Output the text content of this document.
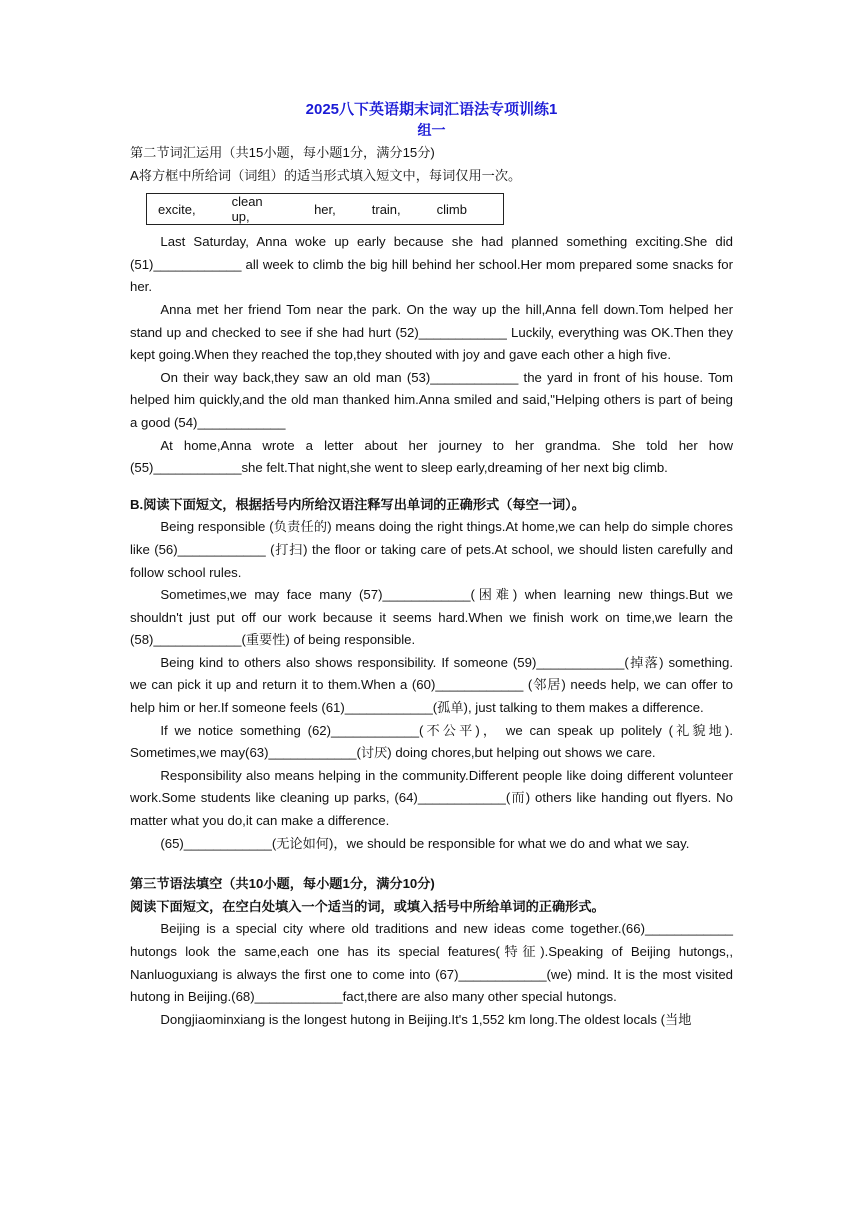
2025八下英语期末词汇语法专项训练1
组一
第二节词汇运用（共15小题，每小题1分，满分15分)
A将方框中所给词（词组）的适当形式填入短文中，每词仅用一次。
excite,	clean up,	her,	train,	climb

Last Saturday, Anna woke up early because she had planned something exciting.She did (51)____________ all week to climb the big hill behind her school.Her mom prepared some snacks for her.

Anna met her friend Tom near the park. On the way up the hill,Anna fell down.Tom helped her stand up and checked to see if she had hurt (52)____________ Luckily, everything was OK.Then they kept going.When they reached the top,they shouted with joy and gave each other a high five.

On their way back,they saw an old man (53)____________ the yard in front of his house. Tom helped him quickly,and the old man thanked him.Anna smiled and said,"Helping others is part of being a good (54)____________

At home,Anna wrote a letter about her journey to her grandma. She told her how (55)____________she felt.That night,she went to sleep early,dreaming of her next big climb.

B.阅读下面短文，根据括号内所给汉语注释写出单词的正确形式（每空一词）。

Being responsible (负责任的) means doing the right things.At home,we can help do simple chores like (56)____________ (打扫) the floor or taking care of pets.At school, we should listen carefully and follow school rules.

Sometimes,we may face many (57)____________(困难) when learning new things.But we shouldn't just put off our work because it seems hard.When we finish work on time,we learn the (58)____________(重要性) of being responsible.

Being kind to others also shows responsibility. If someone (59)____________(掉落) something. we can pick it up and return it to them.When a (60)____________ (邻居) needs help, we can offer to help him or her.If someone feels (61)____________(孤单), just talking to them makes a difference.

If we notice something (62)____________(不公平)， we can speak up politely (礼貌地). Sometimes,we may(63)____________(讨厌) doing chores,but helping out shows we care.

Responsibility also means helping in the community.Different people like doing different volunteer work.Some students like cleaning up parks, (64)____________(而) others like handing out flyers. No matter what you do,it can make a difference.

(65)____________(无论如何)，we should be responsible for what we do and what we say.

第三节语法填空（共10小题，每小题1分，满分10分)
阅读下面短文，在空白处填入一个适当的词，或填入括号中所给单词的正确形式。

Beijing is a special city where old traditions and new ideas come together.(66)____________ hutongs look the same,each one has its special features(特征).Speaking of Beijing hutongs,, Nanluoguxiang is always the first one to come into (67)____________(we) mind. It is the most visited hutong in Beijing.(68)____________fact,there are also many other special hutongs.

Dongjiaominxiang is the longest hutong in Beijing.It's 1,552 km long.The oldest locals (当地
